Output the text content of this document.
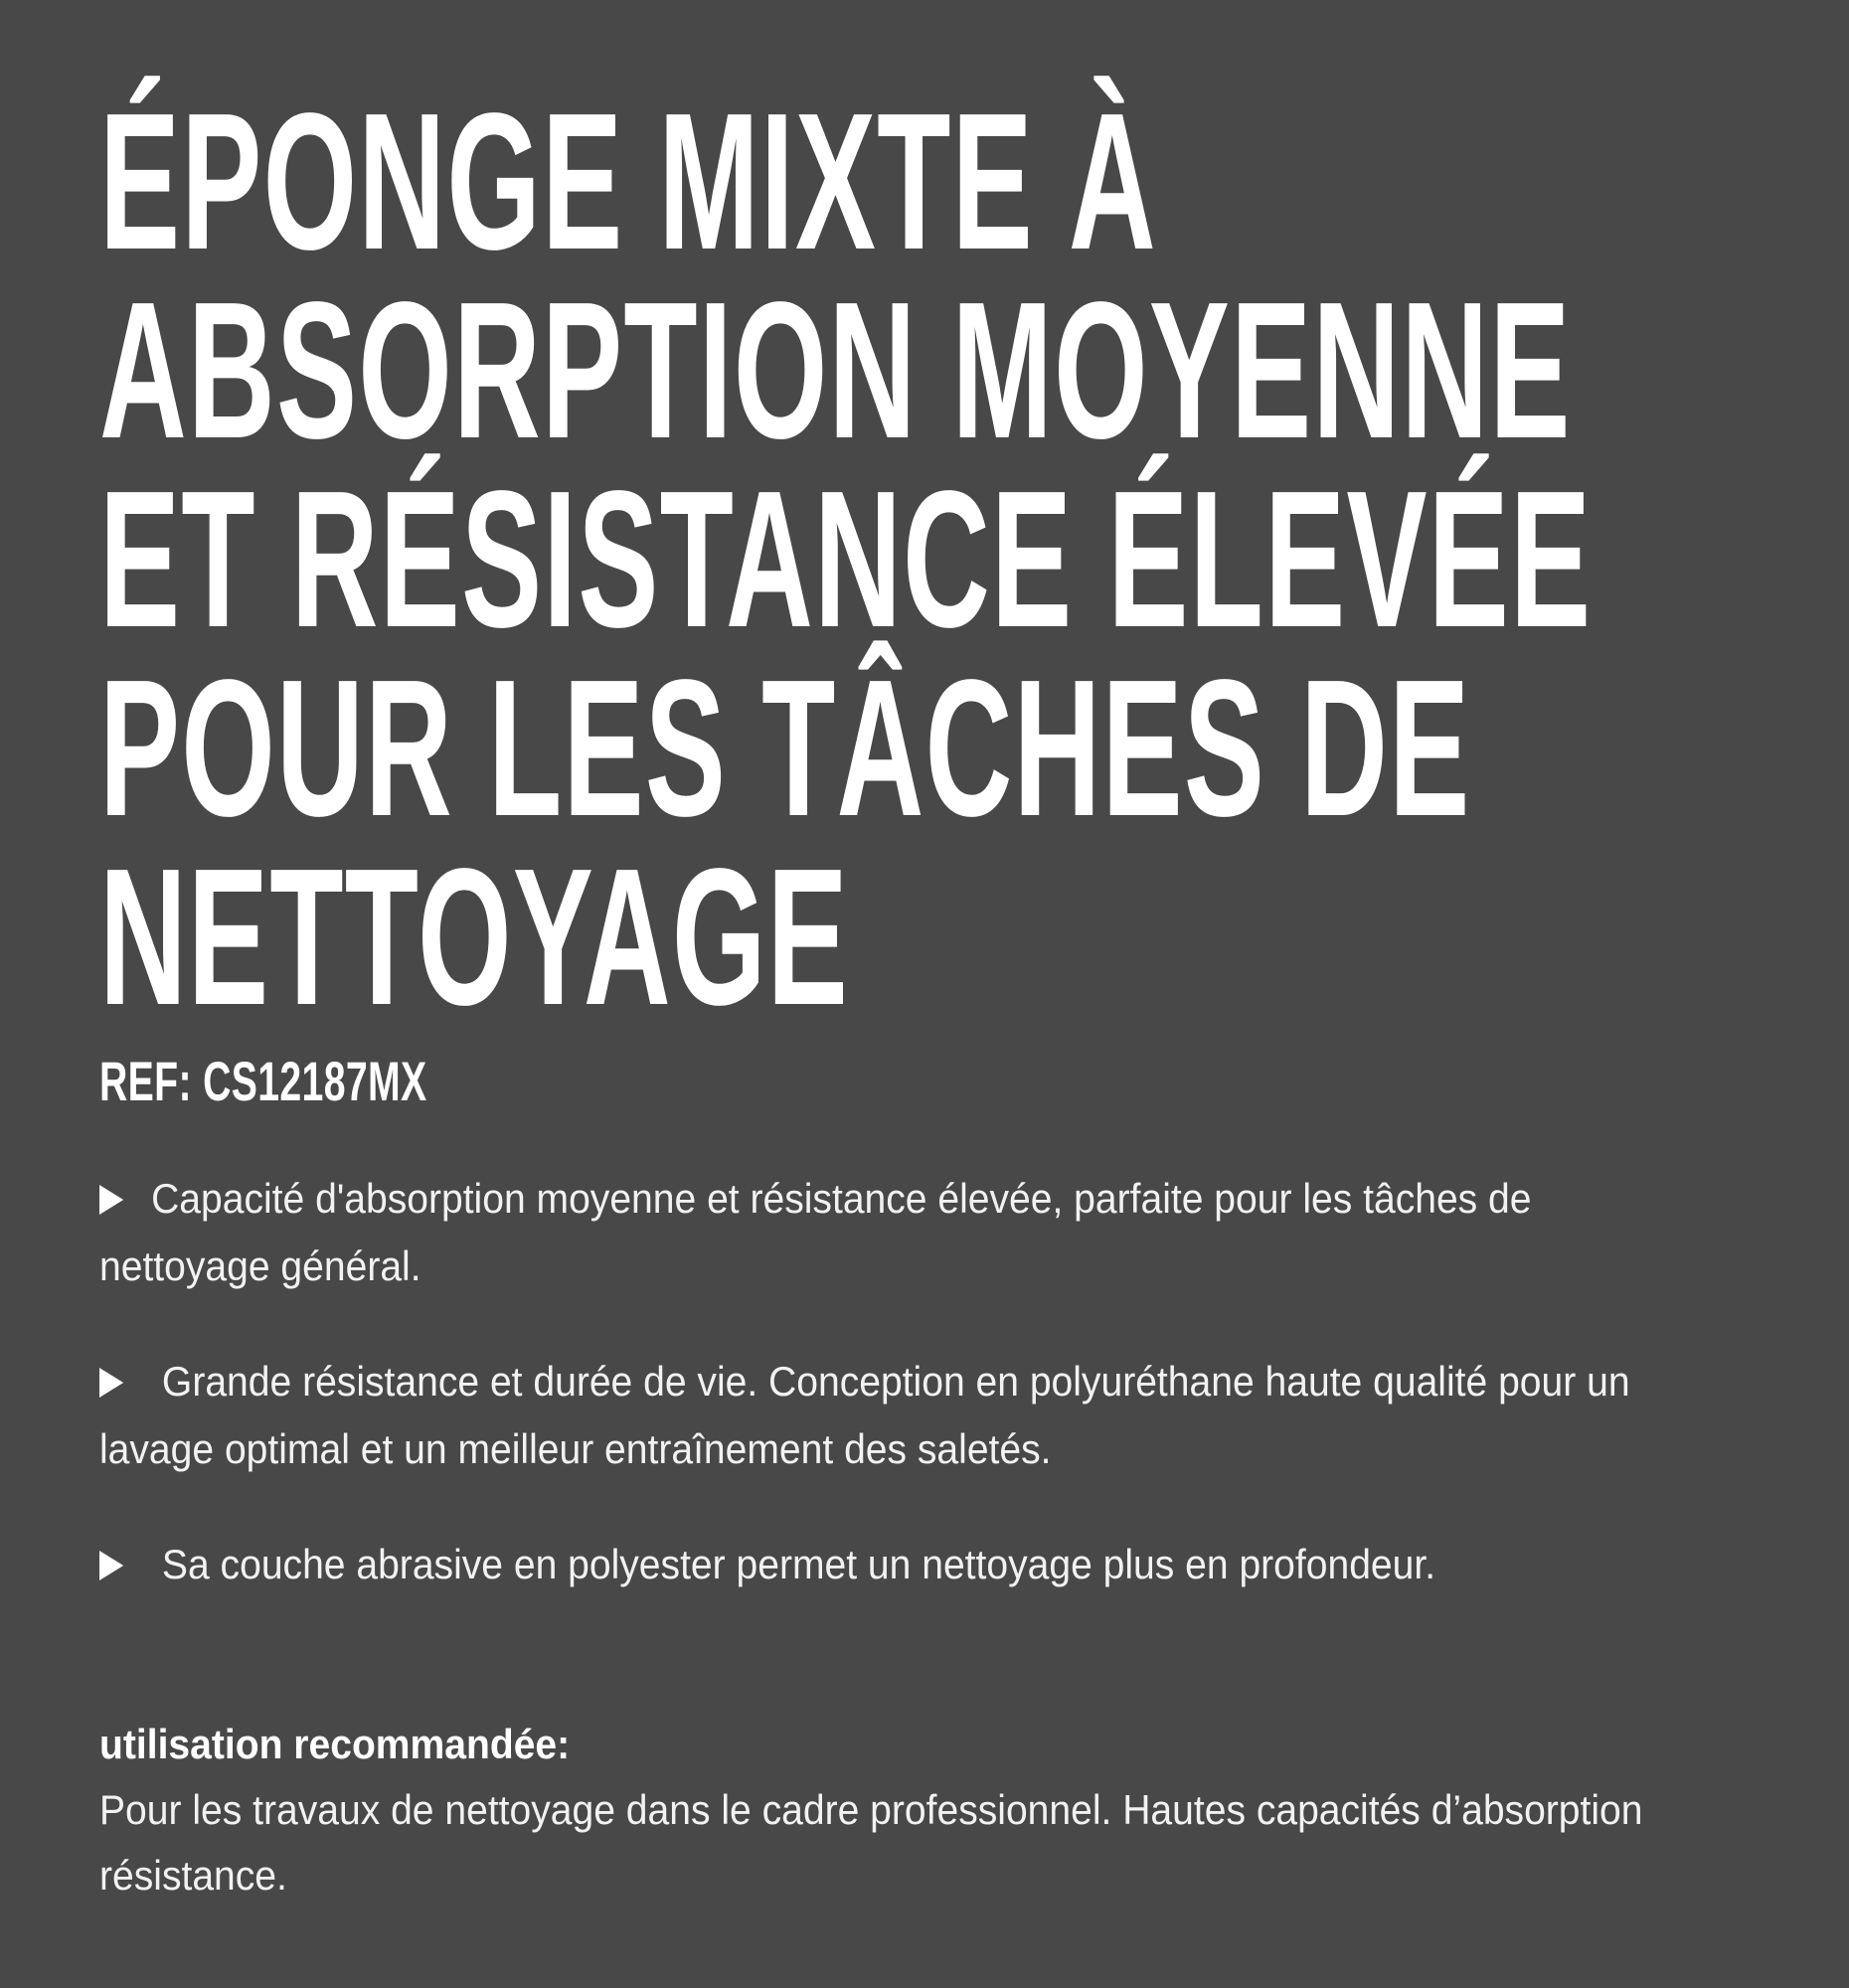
ÉPONGE MIXTE À
ABSORPTION MOYENNE
ET RÉSISTANCE ÉLEVÉE
POUR LES TÂCHES DE
NETTOYAGE
REF: CS12187MX
Capacité d'absorption moyenne et résistance élevée, parfaite pour les tâches de nettoyage général.
Grande résistance et durée de vie. Conception en polyuréthane haute qualité pour un lavage optimal et un meilleur entraînement des saletés.
Sa couche abrasive en polyester permet un nettoyage plus en profondeur.
utilisation recommandée:
Pour les travaux de nettoyage dans le cadre professionnel. Hautes capacités d’absorption résistance.
